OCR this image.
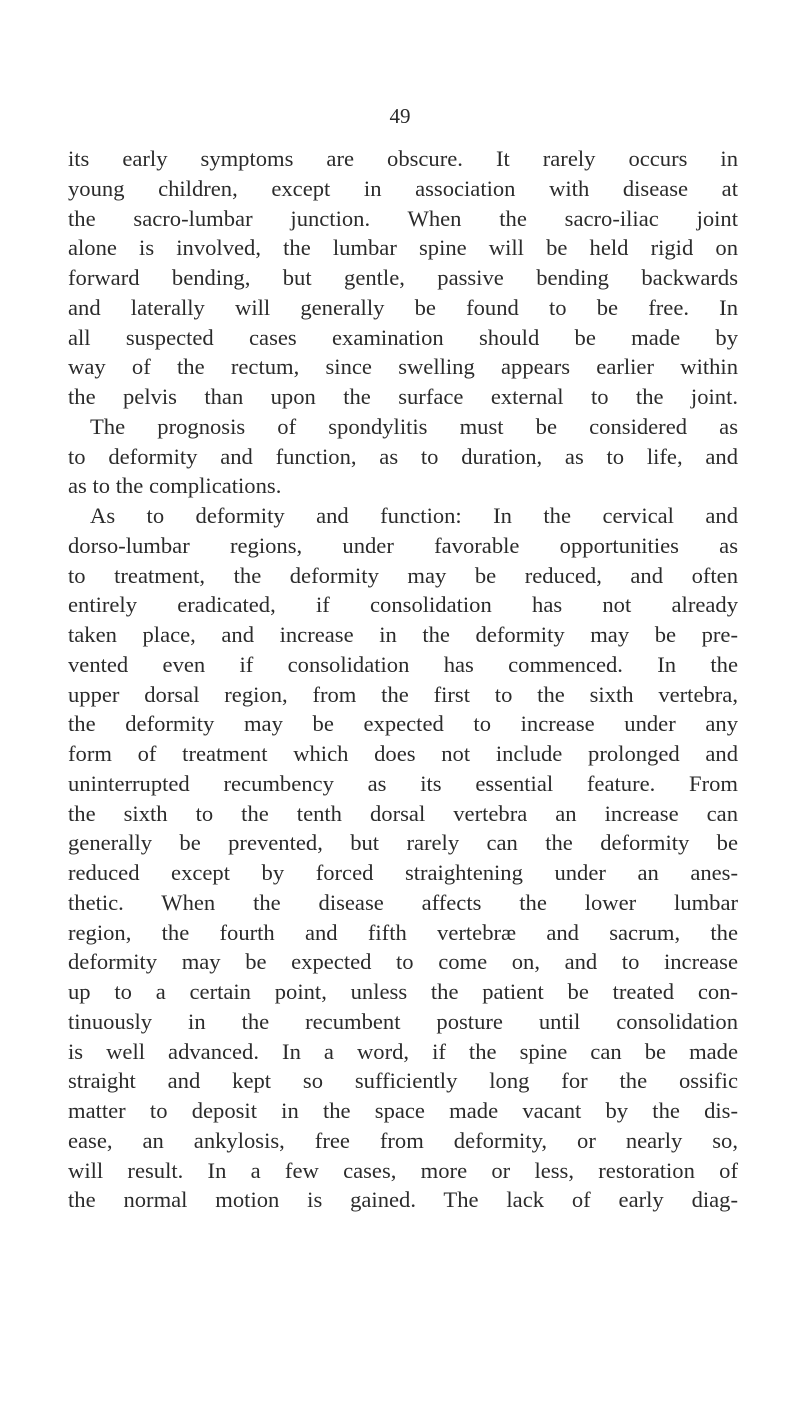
49
its early symptoms are obscure. It rarely occurs in
young children, except in association with disease at
the sacro-lumbar junction. When the sacro-iliac joint
alone is involved, the lumbar spine will be held rigid on
forward bending, but gentle, passive bending backwards
and laterally will generally be found to be free. In
all suspected cases examination should be made by
way of the rectum, since swelling appears earlier within
the pelvis than upon the surface external to the joint.
The prognosis of spondylitis must be considered as
to deformity and function, as to duration, as to life, and
as to the complications.
As to deformity and function: In the cervical and
dorso-lumbar regions, under favorable opportunities as
to treatment, the deformity may be reduced, and often
entirely eradicated, if consolidation has not already
taken place, and increase in the deformity may be pre-
vented even if consolidation has commenced. In the
upper dorsal region, from the first to the sixth vertebra,
the deformity may be expected to increase under any
form of treatment which does not include prolonged and
uninterrupted recumbency as its essential feature. From
the sixth to the tenth dorsal vertebra an increase can
generally be prevented, but rarely can the deformity be
reduced except by forced straightening under an anes-
thetic. When the disease affects the lower lumbar
region, the fourth and fifth vertebræ and sacrum, the
deformity may be expected to come on, and to increase
up to a certain point, unless the patient be treated con-
tinuously in the recumbent posture until consolidation
is well advanced. In a word, if the spine can be made
straight and kept so sufficiently long for the ossific
matter to deposit in the space made vacant by the dis-
ease, an ankylosis, free from deformity, or nearly so,
will result. In a few cases, more or less, restoration of
the normal motion is gained. The lack of early diag-
